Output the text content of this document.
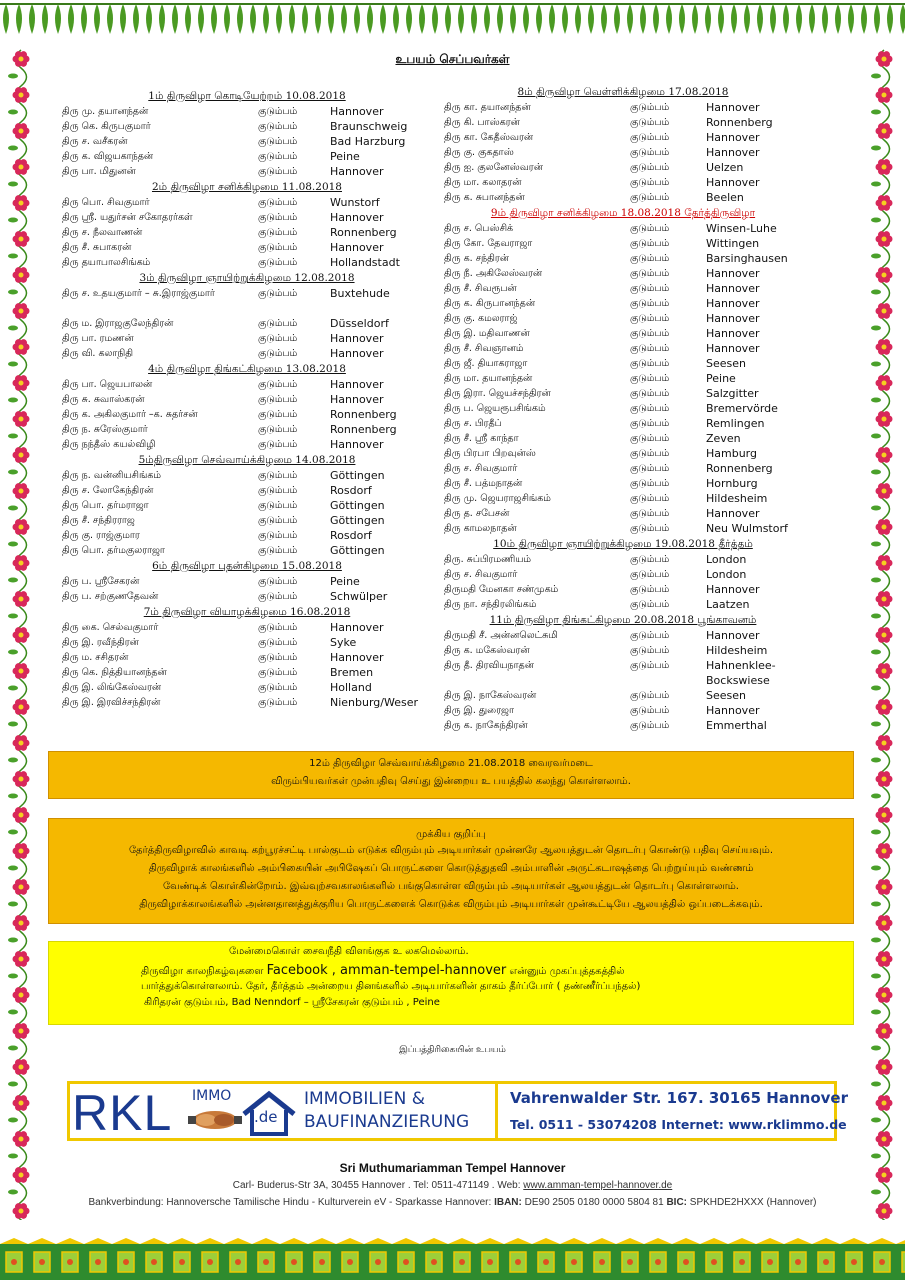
உபயம் செப்பவர்கள்
1ம் திருவிழா கொடியேற்றம் 10.08.2018
திரு மு. தயானந்தன்	குடும்பம்	Hannover
திரு கெ. கிருபகுமார்	குடும்பம்	Braunschweig
திரு ச. வசீகரன்	குடும்பம்	Bad Harzburg
திரு க. விஜயகாந்தன்	குடும்பம்	Peine
திரு பா. மிதுனன்	குடும்பம்	Hannover
2ம் திருவிழா சனிக்கிழமை 11.08.2018
திரு பொ. சிவகுமார்	குடும்பம்	Wunstorf
திரு ஸ்ரீ. யதுர்சன் சகோதரர்கள்	குடும்பம்	Hannover
திரு ச. நீலவாணன்	குடும்பம்	Ronnenberg
திரு சீ. சுபாகரன்	குடும்பம்	Hannover
திரு தயாபாலசிங்கம்	குடும்பம்	Hollandstadt
3ம் திருவிழா ஞாயிற்றுக்கிழமை 12.08.2018
திரு ச. உதயகுமார் – சு.இராஜ்குமார்	குடும்பம்	Buxtehude
திரு ம. இராஜகுலேந்திரன்	குடும்பம்	Düsseldorf
திரு பா. ரமணன்	குடும்பம்	Hannover
திரு வி. கலாநிதி	குடும்பம்	Hannover
4ம் திருவிழா திங்கட்கிழமை 13.08.2018
திரு பா. ஜெயபாலன்	குடும்பம்	Hannover
திரு சு. சுவாஸ்கரன்	குடும்பம்	Hannover
திரு க. அகிலகுமார் –க. சுதர்சன்	குடும்பம்	Ronnenberg
திரு ந. சுரேஸ்குமார்	குடும்பம்	Ronnenberg
திரு நந்தீஸ் கயல்விழி	குடும்பம்	Hannover
5ம்திருவிழா செவ்வாய்க்கிழமை 14.08.2018
திரு ந. வன்னியசிங்கம்	குடும்பம்	Göttingen
திரு ச. லோகேந்திரன்	குடும்பம்	Rosdorf
திரு பொ. தர்மராஜா	குடும்பம்	Göttingen
திரு சீ. சந்திரராஜ	குடும்பம்	Göttingen
திரு கு. ராஜ்குமார	குடும்பம்	Rosdorf
திரு பொ. தர்மகுலராஜா	குடும்பம்	Göttingen
6ம் திருவிழா புதன்கிழமை 15.08.2018
திரு ப. ஸ்ரீசேகரன்	குடும்பம்	Peine
திரு ப. சற்குணதேவன்	குடும்பம்	Schwülper
7ம் திருவிழா வியாழக்கிழமை 16.08.2018
திரு கை. செல்வகுமார்	குடும்பம்	Hannover
திரு இ. ரவீந்திரன்	குடும்பம்	Syke
திரு ம. சசிதரன்	குடும்பம்	Hannover
திரு கெ. நித்தியானந்தன்	குடும்பம்	Bremen
திரு இ. லிங்கேஸ்வரன்	குடும்பம்	Holland
திரு இ. இரவிச்சந்திரன்	குடும்பம்	Nienburg/Weser
8ம் திருவிழா வெள்ளிக்கிழமை 17.08.2018
திரு கா. தயானந்தன்	குடும்பம்	Hannover
திரு கி. பாஸ்கரன்	குடும்பம்	Ronnenberg
திரு கா. கேதீஸ்வரன்	குடும்பம்	Hannover
திரு கு. குகதாஸ்	குடும்பம்	Hannover
திரு ஐ. குலனேஸ்வரன்	குடும்பம்	Uelzen
திரு மா. கலாதரன்	குடும்பம்	Hannover
திரு க. சுபானந்தன்	குடும்பம்	Beelen
9ம் திருவிழா சனிக்கிழமை 18.08.2018 தேர்த்திருவிழா
திரு ச. பெஸ்சிக்	குடும்பம்	Winsen-Luhe
திரு கோ. தேவராஜா	குடும்பம்	Wittingen
திரு க. சந்திரன்	குடும்பம்	Barsinghausen
திரு நீ. அகிலேஸ்வரன்	குடும்பம்	Hannover
திரு சீ. சிவரூபன்	குடும்பம்	Hannover
திரு க. கிருபானந்தன்	குடும்பம்	Hannover
திரு கு. கமலராஜ்	குடும்பம்	Hannover
திரு இ. மதிவாணன்	குடும்பம்	Hannover
திரு சீ. சிவஞானம்	குடும்பம்	Hannover
திரு ஜீ. தியாகராஜா	குடும்பம்	Seesen
திரு மா. தயானந்தன்	குடும்பம்	Peine
திரு இரா. ஜெயச்சந்திரன்	குடும்பம்	Salzgitter
திரு ப. ஜெயரூபசிங்கம்	குடும்பம்	Bremervörde
திரு ச. பிரதீப்	குடும்பம்	Remlingen
திரு சீ. ஸ்ரீ காந்தா	குடும்பம்	Zeven
திரு பிரபா பிறவுன்ஸ்	குடும்பம்	Hamburg
திரு ச. சிவகுமார்	குடும்பம்	Ronnenberg
திரு சீ. பத்மநாதன்	குடும்பம்	Hornburg
திரு மு. ஜெயராஜசிங்கம்	குடும்பம்	Hildesheim
திரு த. சபேசன்	குடும்பம்	Hannover
திரு காமலநாதன்	குடும்பம்	Neu Wulmstorf
10ம் திருவிழா ஞாயிற்றுக்கிழமை 19.08.2018 தீர்த்தம்
திரு. சுப்பிரமணியம்	குடும்பம்	London
திரு ச. சிவகுமார்	குடும்பம்	London
திருமதி மேனகா சண்முகம்	குடும்பம்	Hannover
திரு நா. சந்திரலிங்கம்	குடும்பம்	Laatzen
11ம் திருவிழா திங்கட்கிழமை 20.08.2018 பூங்காவனம்
திருமதி சீ. அன்னலெட்சுமி	குடும்பம்	Hannover
திரு க. மகேஸ்வரன்	குடும்பம்	Hildesheim
திரு தீ. திரவியநாதன்	குடும்பம்	Hahnenklee-Bockswiese
திரு இ. நாகேஸ்வரன்	குடும்பம்	Seesen
திரு இ. துரைஜா	குடும்பம்	Hannover
திரு க. நாகேந்திரன்	குடும்பம்	Emmerthal

12ம் திருவிழா செவ்வாய்க்கிழமை 21.08.2018 வைரவர்மடை

விரும்பியவர்கள் முன்பதிவு செய்து இன்றைய உ பயத்தில் கலந்து கொள்ளலாம்.

முக்கிய குறிப்பு

தேர்த்திருவிழாவில் காவடி கற்பூரச்சட்டி பால்குடம் எடுக்க விரும்பும் அடியார்கள் முன்னரே ஆலயத்துடன் தொடர்பு கொண்டு பதிவு செய்யவும்.

திருவிழாக் காலங்களில் அம்பிகையின் அபிஷேகப் பொருட்களை கொடுத்துதவி அம்பாளின் அருட்கடாஷத்தை பெற்றுய்யும் வண்ணம்

வேண்டிக் கொள்கின்றோம். இவ்வுற்சவகாலங்களில் பங்குகொள்ள விரும்பும் அடியார்கள் ஆலயத்துடன் தொடர்பு கொள்ளலாம்.

திருவிழாக்காலங்களில் அன்னதானத்துக்குரிய பொருட்களைக் கொடுக்க விரும்பும் அடியார்கள் முன்கூட்டியே ஆலயத்தில் ஒப்படைக்கவும்.

மேன்மைகொள் சைவநீதி விளங்குக உ லகமெல்லாம்.

திருவிழா காலநிகழ்வுகளை Facebook , amman-tempel-hannover என்னும் முகப்புத்தகத்தில்

பார்த்துக்கொள்ளலாம். தேர், தீர்த்தம் அன்றைய தினங்களில் அடியார்களின் தாகம் தீர்ப்போர் ( தண்ணீர்ப்பந்தல்)

கிரிதரன் குடும்பம், Bad Nenndorf – ஸ்ரீசேகரன் குடும்பம் , Peine

இப்பத்திரிகையின் உபயம்
RKL IMMO
.de
IMMOBILIEN &
BAUFINANZIERUNG
Vahrenwalder Str. 167. 30165 Hannover
Tel. 0511 - 53074208 Internet: www.rklimmo.de
Sri Muthumariamman Tempel Hannover
Carl- Buderus-Str 3A, 30455 Hannover . Tel: 0511-471149 . Web: www.amman-tempel-hannover.de
Bankverbindung: Hannoversche Tamilische Hindu - Kulturverein eV - Sparkasse Hannover: IBAN: DE90 2505 0180 0000 5804 81 BIC: SPKHDE2HXXX (Hannover)
